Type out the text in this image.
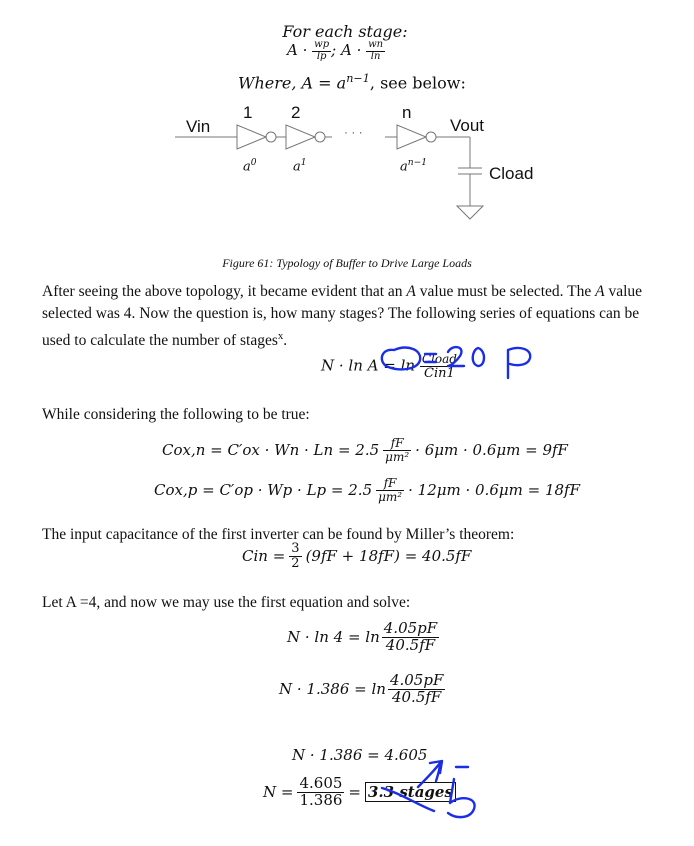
For each stage:
$A \cdot \frac{wp}{lp}$ ; $A \cdot \frac{wn}{\ln}$
Where, $A = a^{n-1}$, see below:
Vin
1 2	n
· · ·	Vout
Cload
$a^0$	$a^1$	$a^{n-1}$
Figure 61: Typology of Buffer to Drive Large Loads
After seeing the above topology, it became evident that an A value must be selected. The A value selected was 4. Now the question is, how many stages? The following series of equations can be used to calculate the number of stages$^x$.
$N \cdot \ln A = \ln \frac{\text{Cload}}{\text{Cin1}}$
While considering the following to be true:
$Cox,n = C'ox \cdot Wn \cdot Ln = 2.5 \frac{fF}{\text{μm²}} \cdot 6\mu m \cdot 0.6\mu m = 9fF$
$Cox,p = C'op \cdot Wp \cdot Lp = 2.5 \frac{fF}{\text{μm²}} \cdot 12\mu m \cdot 0.6\mu m = 18fF$
The input capacitance of the first inverter can be found by Miller’s theorem:
Cin = $\frac{3}{2} (9fF + 18fF) = 40.5fF$
Let A =4, and now we may use the first equation and solve:
$N \cdot \ln 4 = \ln \frac{4.05pF}{40.5fF}$
$N \cdot 1.386 = \ln \frac{4.05pF}{40.5fF}$
N · 1.386 = 4.605
$N = \frac{4.605}{1.386} = 3.3$ stages
